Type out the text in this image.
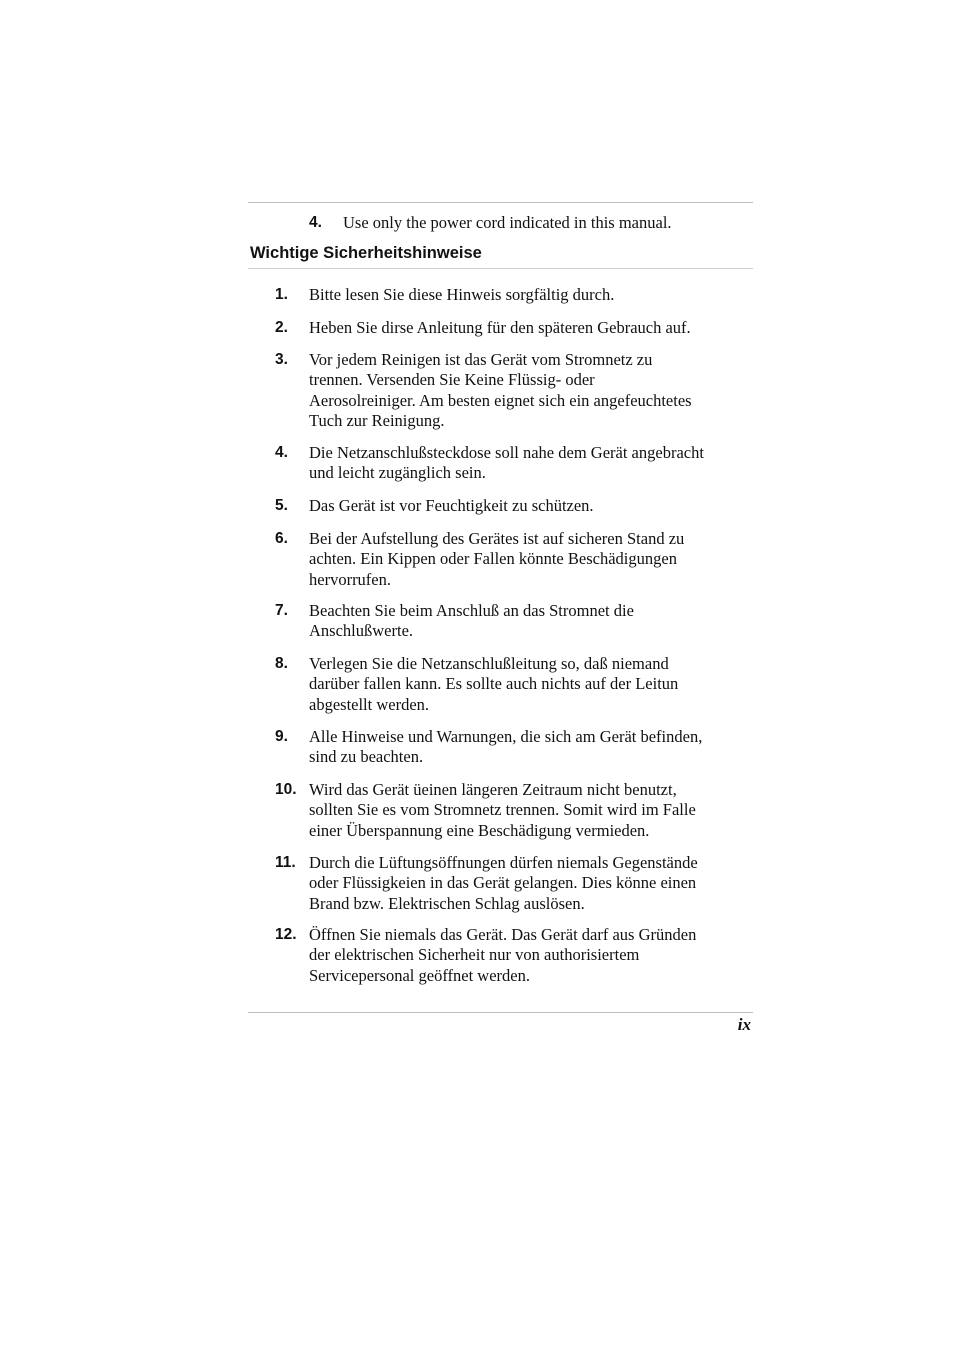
4. Use only the power cord indicated in this manual.
Wichtige Sicherheitshinweise
1. Bitte lesen Sie diese Hinweis sorgfältig durch.
2. Heben Sie dirse Anleitung für den späteren Gebrauch auf.
3. Vor jedem Reinigen ist das Gerät vom Stromnetz zu
trennen. Versenden Sie Keine Flüssig- oder
Aerosolreiniger. Am besten eignet sich ein angefeuchtetes
Tuch zur Reinigung.
4. Die Netzanschlußsteckdose soll nahe dem Gerät angebracht
und leicht zugänglich sein.
5. Das Gerät ist vor Feuchtigkeit zu schützen.
6. Bei der Aufstellung des Gerätes ist auf sicheren Stand zu
achten. Ein Kippen oder Fallen könnte Beschädigungen
hervorrufen.
7. Beachten Sie beim Anschluß an das Stromnet die
Anschlußwerte.
8. Verlegen Sie die Netzanschlußleitung so, daß niemand
darüber fallen kann. Es sollte auch nichts auf der Leitun
abgestellt werden.
9. Alle Hinweise und Warnungen, die sich am Gerät befinden,
sind zu beachten.
10. Wird das Gerät üeinen längeren Zeitraum nicht benutzt,
sollten Sie es vom Stromnetz trennen. Somit wird im Falle
einer Überspannung eine Beschädigung vermieden.
11. Durch die Lüftungsöffnungen dürfen niemals Gegenstände
oder Flüssigkeien in das Gerät gelangen. Dies könne einen
Brand bzw. Elektrischen Schlag auslösen.
12. Öffnen Sie niemals das Gerät. Das Gerät darf aus Gründen
der elektrischen Sicherheit nur von authorisiertem
Servicepersonal geöffnet werden.
ix
